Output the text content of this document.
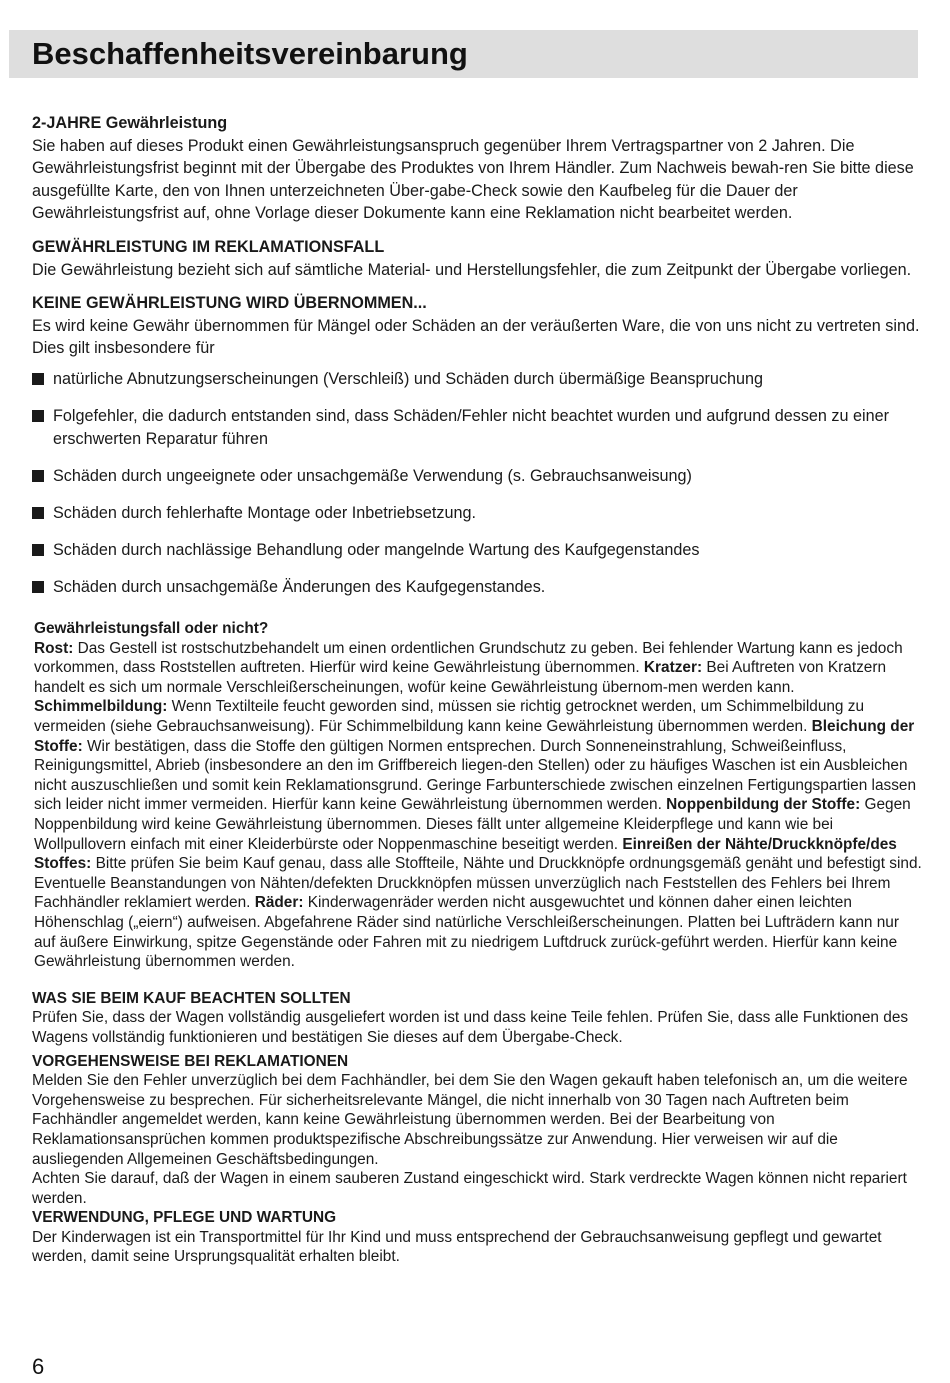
Beschaffenheitsvereinbarung
2-JAHRE Gewährleistung

Sie haben auf dieses Produkt einen Gewährleistungsanspruch gegenüber Ihrem Vertragspartner von 2 Jahren. Die Gewährleistungsfrist beginnt mit der Übergabe des Produktes von Ihrem Händler. Zum Nachweis bewah-ren Sie bitte diese ausgefüllte Karte, den von Ihnen unterzeichneten Über-gabe-Check sowie den Kaufbeleg für die Dauer der Gewährleistungsfrist auf, ohne Vorlage dieser Dokumente kann eine Reklamation nicht bearbeitet werden.

GEWÄHRLEISTUNG IM REKLAMATIONSFALL

Die Gewährleistung bezieht sich auf sämtliche Material- und Herstellungsfehler, die zum Zeitpunkt der Übergabe vorliegen.

KEINE GEWÄHRLEISTUNG WIRD ÜBERNOMMEN...

Es wird keine Gewähr übernommen für Mängel oder Schäden an der veräußerten Ware, die von uns nicht zu vertreten sind. Dies gilt insbesondere für

natürliche Abnutzungserscheinungen (Verschleiß) und Schäden durch übermäßige Beanspruchung
Folgefehler, die dadurch entstanden sind, dass Schäden/Fehler nicht beachtet wurden und aufgrund dessen zu einer erschwerten Reparatur führen
Schäden durch ungeeignete oder unsachgemäße Verwendung (s. Gebrauchsanweisung)
Schäden durch fehlerhafte Montage oder Inbetriebsetzung.
Schäden durch nachlässige Behandlung oder mangelnde Wartung des Kaufgegenstandes
Schäden durch unsachgemäße Änderungen des Kaufgegenstandes.
Gewährleistungsfall oder nicht?

Rost: Das Gestell ist rostschutzbehandelt um einen ordentlichen Grundschutz zu geben. Bei fehlender Wartung kann es jedoch vorkommen, dass Roststellen auftreten. Hierfür wird keine Gewährleistung übernommen. Kratzer: Bei Auftreten von Kratzern handelt es sich um normale Verschleißerscheinungen, wofür keine Gewährleistung übernom-men werden kann. Schimmelbildung: Wenn Textilteile feucht geworden sind, müssen sie richtig getrocknet werden, um Schimmelbildung zu vermeiden (siehe Gebrauchsanweisung). Für Schimmelbildung kann keine Gewährleistung übernommen werden. Bleichung der Stoffe: Wir bestätigen, dass die Stoffe den gültigen Normen entsprechen. Durch Sonneneinstrahlung, Schweißeinfluss, Reinigungsmittel, Abrieb (insbesondere an den im Griffbereich liegen-den Stellen) oder zu häufiges Waschen ist ein Ausbleichen nicht auszuschließen und somit kein Reklamationsgrund. Geringe Farbunterschiede zwischen einzelnen Fertigungspartien lassen sich leider nicht immer vermeiden. Hierfür kann keine Gewährleistung übernommen werden. Noppenbildung der Stoffe: Gegen Noppenbildung wird keine Gewährleistung übernommen. Dieses fällt unter allgemeine Kleiderpflege und kann wie bei Wollpullovern einfach mit einer Kleiderbürste oder Noppenmaschine beseitigt werden. Einreißen der Nähte/Druckknöpfe/des Stoffes: Bitte prüfen Sie beim Kauf genau, dass alle Stoffteile, Nähte und Druckknöpfe ordnungsgemäß genäht und befestigt sind. Eventuelle Beanstandungen von Nähten/defekten Druckknöpfen müssen unverzüglich nach Feststellen des Fehlers bei Ihrem Fachhändler reklamiert werden. Räder: Kinderwagenräder werden nicht ausgewuchtet und können daher einen leichten Höhenschlag („eiern“) aufweisen. Abgefahrene Räder sind natürliche Verschleißerscheinungen. Platten bei Lufträdern kann nur auf äußere Einwirkung, spitze Gegenstände oder Fahren mit zu niedrigem Luftdruck zurück-geführt werden. Hierfür kann keine Gewährleistung übernommen werden.

WAS SIE BEIM KAUF BEACHTEN SOLLTEN

Prüfen Sie, dass der Wagen vollständig ausgeliefert worden ist und dass keine Teile fehlen. Prüfen Sie, dass alle Funktionen des Wagens vollständig funktionieren und bestätigen Sie dieses auf dem Übergabe-Check.

VORGEHENSWEISE BEI REKLAMATIONEN

Melden Sie den Fehler unverzüglich bei dem Fachhändler, bei dem Sie den Wagen gekauft haben telefonisch an, um die weitere Vorgehensweise zu besprechen. Für sicherheitsrelevante Mängel, die nicht innerhalb von 30 Tagen nach Auftreten beim Fachhändler angemeldet werden, kann keine Gewährleistung übernommen werden. Bei der Bearbeitung von Reklamationsansprüchen kommen produktspezifische Abschreibungssätze zur Anwendung. Hier verweisen wir auf die ausliegenden Allgemeinen Geschäftsbedingungen.

Achten Sie darauf, daß der Wagen in einem sauberen Zustand eingeschickt wird. Stark verdreckte Wagen können nicht repariert werden.

VERWENDUNG, PFLEGE UND WARTUNG

Der Kinderwagen ist ein Transportmittel für Ihr Kind und muss entsprechend der Gebrauchsanweisung gepflegt und gewartet werden, damit seine Ursprungsqualität erhalten bleibt.

6
